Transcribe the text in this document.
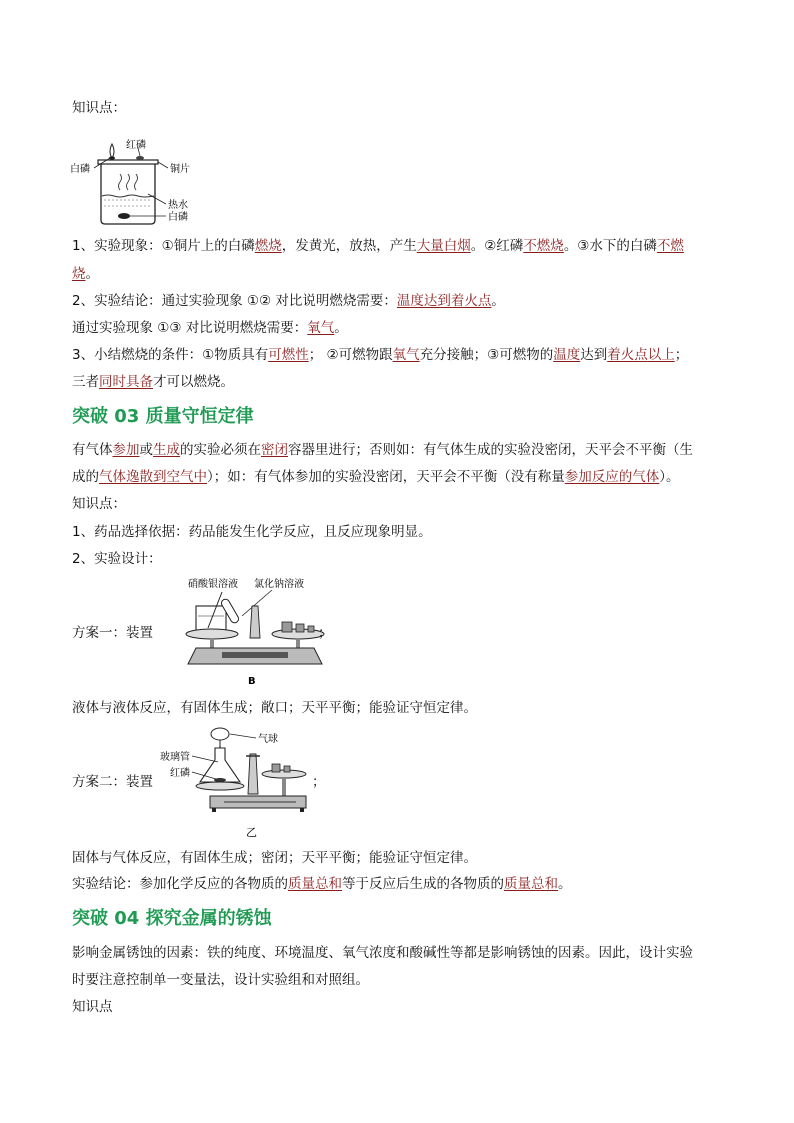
知识点：
红磷
白磷	铜片
热水
白磷
1、实验现象：①铜片上的白磷燃烧，发黄光，放热，产生大量白烟。②红磷不燃烧。③水下的白磷不燃
烧。
2、实验结论：通过实验现象 ①② 对比说明燃烧需要：温度达到着火点。
通过实验现象 ①③ 对比说明燃烧需要：氧气。
3、小结燃烧的条件：①物质具有可燃性； ②可燃物跟氧气充分接触；③可燃物的温度达到着火点以上；
三者同时具备才可以燃烧。
突破 03 质量守恒定律
有气体参加或生成的实验必须在密闭容器里进行；否则如：有气体生成的实验没密闭，天平会不平衡（生
成的气体逸散到空气中）；如：有气体参加的实验没密闭，天平会不平衡（没有称量参加反应的气体）。
知识点：
1、药品选择依据：药品能发生化学反应，且反应现象明显。
2、实验设计：
方案一：装置
硝酸银溶液 氯化钠溶液
B
；
液体与液体反应，有固体生成；敞口；天平平衡；能验证守恒定律。
方案二：装置
气球
玻璃管
红磷
乙
；
固体与气体反应，有固体生成；密闭；天平平衡；能验证守恒定律。
实验结论：参加化学反应的各物质的质量总和等于反应后生成的各物质的质量总和。
突破 04 探究金属的锈蚀
影响金属锈蚀的因素：铁的纯度、环境温度、氧气浓度和酸碱性等都是影响锈蚀的因素。因此，设计实验
时要注意控制单一变量法，设计实验组和对照组。
知识点
